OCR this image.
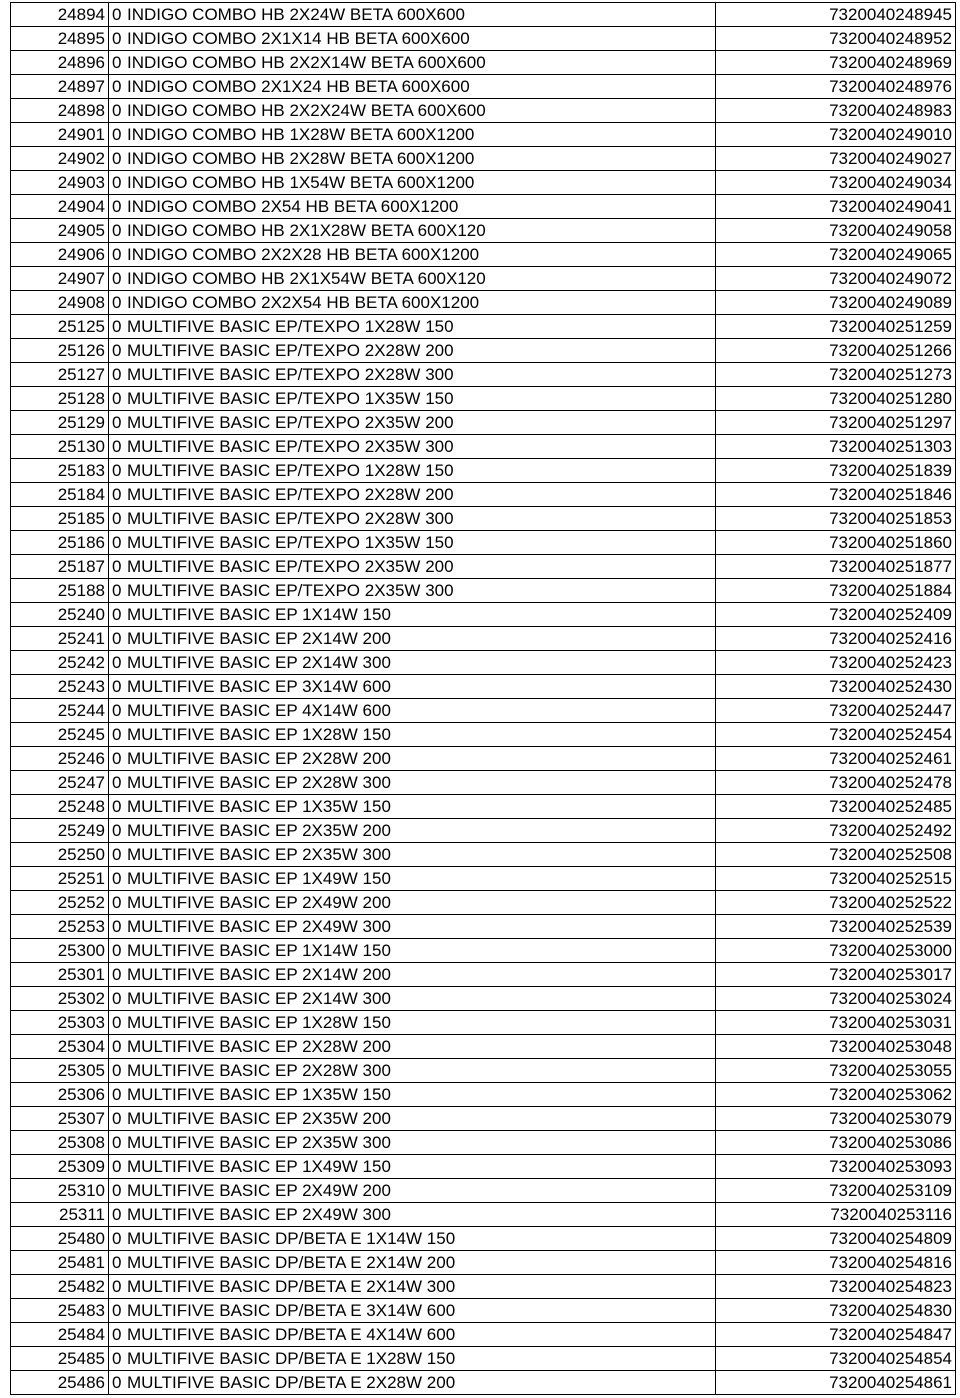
24894	0	INDIGO COMBO HB 2X24W BETA 600X600	7320040248945
24895	0	INDIGO COMBO 2X1X14 HB BETA 600X600	7320040248952
24896	0	INDIGO COMBO HB 2X2X14W BETA 600X600	7320040248969
24897	0	INDIGO COMBO 2X1X24 HB BETA 600X600	7320040248976
24898	0	INDIGO COMBO HB 2X2X24W BETA 600X600	7320040248983
24901	0	INDIGO COMBO HB 1X28W BETA 600X1200	7320040249010
24902	0	INDIGO COMBO HB 2X28W BETA 600X1200	7320040249027
24903	0	INDIGO COMBO HB 1X54W BETA 600X1200	7320040249034
24904	0	INDIGO COMBO 2X54 HB BETA 600X1200	7320040249041
24905	0	INDIGO COMBO HB 2X1X28W BETA 600X120	7320040249058
24906	0	INDIGO COMBO 2X2X28 HB BETA 600X1200	7320040249065
24907	0	INDIGO COMBO HB 2X1X54W BETA 600X120	7320040249072
24908	0	INDIGO COMBO 2X2X54 HB BETA 600X1200	7320040249089
25125	0	MULTIFIVE BASIC EP/TEXPO 1X28W 150	7320040251259
25126	0	MULTIFIVE BASIC EP/TEXPO 2X28W 200	7320040251266
25127	0	MULTIFIVE BASIC EP/TEXPO 2X28W 300	7320040251273
25128	0	MULTIFIVE BASIC EP/TEXPO 1X35W 150	7320040251280
25129	0	MULTIFIVE BASIC EP/TEXPO 2X35W 200	7320040251297
25130	0	MULTIFIVE BASIC EP/TEXPO 2X35W 300	7320040251303
25183	0	MULTIFIVE BASIC EP/TEXPO 1X28W 150	7320040251839
25184	0	MULTIFIVE BASIC EP/TEXPO 2X28W 200	7320040251846
25185	0	MULTIFIVE BASIC EP/TEXPO 2X28W 300	7320040251853
25186	0	MULTIFIVE BASIC EP/TEXPO 1X35W 150	7320040251860
25187	0	MULTIFIVE BASIC EP/TEXPO 2X35W 200	7320040251877
25188	0	MULTIFIVE BASIC EP/TEXPO 2X35W 300	7320040251884
25240	0	MULTIFIVE BASIC EP 1X14W 150	7320040252409
25241	0	MULTIFIVE BASIC EP 2X14W 200	7320040252416
25242	0	MULTIFIVE BASIC EP 2X14W 300	7320040252423
25243	0	MULTIFIVE BASIC EP 3X14W 600	7320040252430
25244	0	MULTIFIVE BASIC EP 4X14W 600	7320040252447
25245	0	MULTIFIVE BASIC EP 1X28W 150	7320040252454
25246	0	MULTIFIVE BASIC EP 2X28W 200	7320040252461
25247	0	MULTIFIVE BASIC EP 2X28W 300	7320040252478
25248	0	MULTIFIVE BASIC EP 1X35W 150	7320040252485
25249	0	MULTIFIVE BASIC EP 2X35W 200	7320040252492
25250	0	MULTIFIVE BASIC EP 2X35W 300	7320040252508
25251	0	MULTIFIVE BASIC EP 1X49W 150	7320040252515
25252	0	MULTIFIVE BASIC EP 2X49W 200	7320040252522
25253	0	MULTIFIVE BASIC EP 2X49W 300	7320040252539
25300	0	MULTIFIVE BASIC EP 1X14W 150	7320040253000
25301	0	MULTIFIVE BASIC EP 2X14W 200	7320040253017
25302	0	MULTIFIVE BASIC EP 2X14W 300	7320040253024
25303	0	MULTIFIVE BASIC EP 1X28W 150	7320040253031
25304	0	MULTIFIVE BASIC EP 2X28W 200	7320040253048
25305	0	MULTIFIVE BASIC EP 2X28W 300	7320040253055
25306	0	MULTIFIVE BASIC EP 1X35W 150	7320040253062
25307	0	MULTIFIVE BASIC EP 2X35W 200	7320040253079
25308	0	MULTIFIVE BASIC EP 2X35W 300	7320040253086
25309	0	MULTIFIVE BASIC EP 1X49W 150	7320040253093
25310	0	MULTIFIVE BASIC EP 2X49W 200	7320040253109
25311	0	MULTIFIVE BASIC EP 2X49W 300	7320040253116
25480	0	MULTIFIVE BASIC DP/BETA E 1X14W 150	7320040254809
25481	0	MULTIFIVE BASIC DP/BETA E 2X14W 200	7320040254816
25482	0	MULTIFIVE BASIC DP/BETA E 2X14W 300	7320040254823
25483	0	MULTIFIVE BASIC DP/BETA E 3X14W 600	7320040254830
25484	0	MULTIFIVE BASIC DP/BETA E 4X14W 600	7320040254847
25485	0	MULTIFIVE BASIC DP/BETA E 1X28W 150	7320040254854
25486	0	MULTIFIVE BASIC DP/BETA E 2X28W 200	7320040254861
